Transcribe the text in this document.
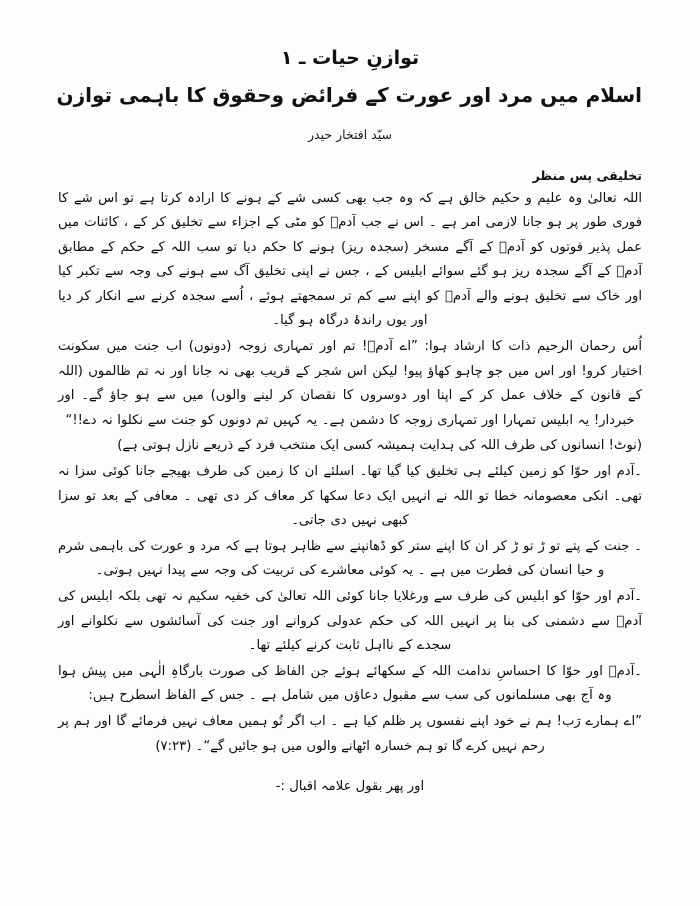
توازنِ حیات ـ ۱
اسلام میں مرد اور عورت کے فرائض وحقوق کا باہمی توازن
سیّد افتخار حیدر
تخلیقی پس منظر

اللہ تعالیٰ وہ علیم و حکیم خالق ہے کہ وہ جب بھی کسی شے کے ہونے کا ارادہ کرتا ہے تو اس شے کا فوری طور پر ہو جانا لازمی امر ہے ۔ اس نے جب آدمؑ کو مٹی کے اجزاء سے تخلیق کر کے ، کائنات میں عمل پذیر قوتوں کو آدمؑ کے آگے مسخر (سجدہ ریز) ہونے کا حکم دیا تو سب اللہ کے حکم کے مطابق آدمؑ کے آگے سجدہ ریز ہو گئے سوائے ابلیس کے ، جس نے اپنی تخلیق آگ سے ہونے کی وجہ سے تکبر کیا اور خاک سے تخلیق ہونے والے آدمؑ کو اپنے سے کم تر سمجھتے ہوئے ، اُسے سجدہ کرنے سے انکار کر دیا اور یوں راندۂ درگاہ ہو گیا۔

اُس رحمان الرحیم ذات کا ارشاد ہوا: ”اے آدمؑ! تم اور تمہاری زوجہ (دونوں) اب جنت میں سکونت اختیار کرو! اور اس میں جو چاہو کھاؤ پیو! لیکن اس شجر کے قریب بھی نہ جانا اور نہ تم ظالموں (اللہ کے قانون کے خلاف عمل کر کے اپنا اور دوسروں کا نقصان کر لینے والوں) میں سے ہو جاؤ گے۔ اور خبردار! یہ ابلیس تمہارا اور تمہاری زوجہ کا دشمن ہے۔ یہ کہیں تم دونوں کو جنت سے نکلوا نہ دے!!“

(نوٹ! انسانوں کی طرف اللہ کی ہدایت ہمیشہ کسی ایک منتخب فرد کے ذریعے نازل ہوتی ہے)

۔آدم اور حوّا کو زمین کیلئے ہی تخلیق کیا گیا تھا۔ اسلئے ان کا زمین کی طرف بھیجے جانا کوئی سزا نہ تھی۔ انکی معصومانہ خطا تو اللہ نے انہیں ایک دعا سکھا کر معاف کر دی تھی ۔ معافی کے بعد تو سزا کبھی نہیں دی جاتی۔

۔ جنت کے پتے تو ڑ تو ڑ کر ان کا اپنے ستر کو ڈھانپنے سے ظاہر ہوتا ہے کہ مرد و عورت کی باہمی شرم و حیا انسان کی فطرت میں ہے ۔ یہ کوئی معاشرے کی تربیت کی وجہ سے پیدا نہیں ہوتی۔

۔آدم اور حوّا کو ابلیس کی طرف سے ورغلایا جانا کوئی اللہ تعالیٰ کی خفیہ سکیم نہ تھی بلکہ ابلیس کی آدمؑ سے دشمنی کی بنا پر انہیں اللہ کی حکم عدولی کروانے اور جنت کی آسائشوں سے نکلوانے اور سجدے کے نااہل ثابت کرنے کیلئے تھا۔

۔آدمؑ اور حوّا کا احساسِ ندامت اللہ کے سکھائے ہوئے جن الفاظ کی صورت بارگاہِ الٰہی میں پیش ہوا وہ آج بھی مسلمانوں کی سب سے مقبول دعاؤں میں شامل ہے ۔ جس کے الفاظ اسطرح ہیں:

”اے ہمارے رَب! ہم نے خود اپنے نفسوں پر ظلم کیا ہے ۔ اب اگر تُو ہمیں معاف نہیں فرمائے گا اور ہم پر رحم نہیں کرے گا تو ہم خسارہ اٹھانے والوں میں ہو جائیں گے“۔ (۷:۲۳)

اور پھر بقول علامہ اقبال :-
